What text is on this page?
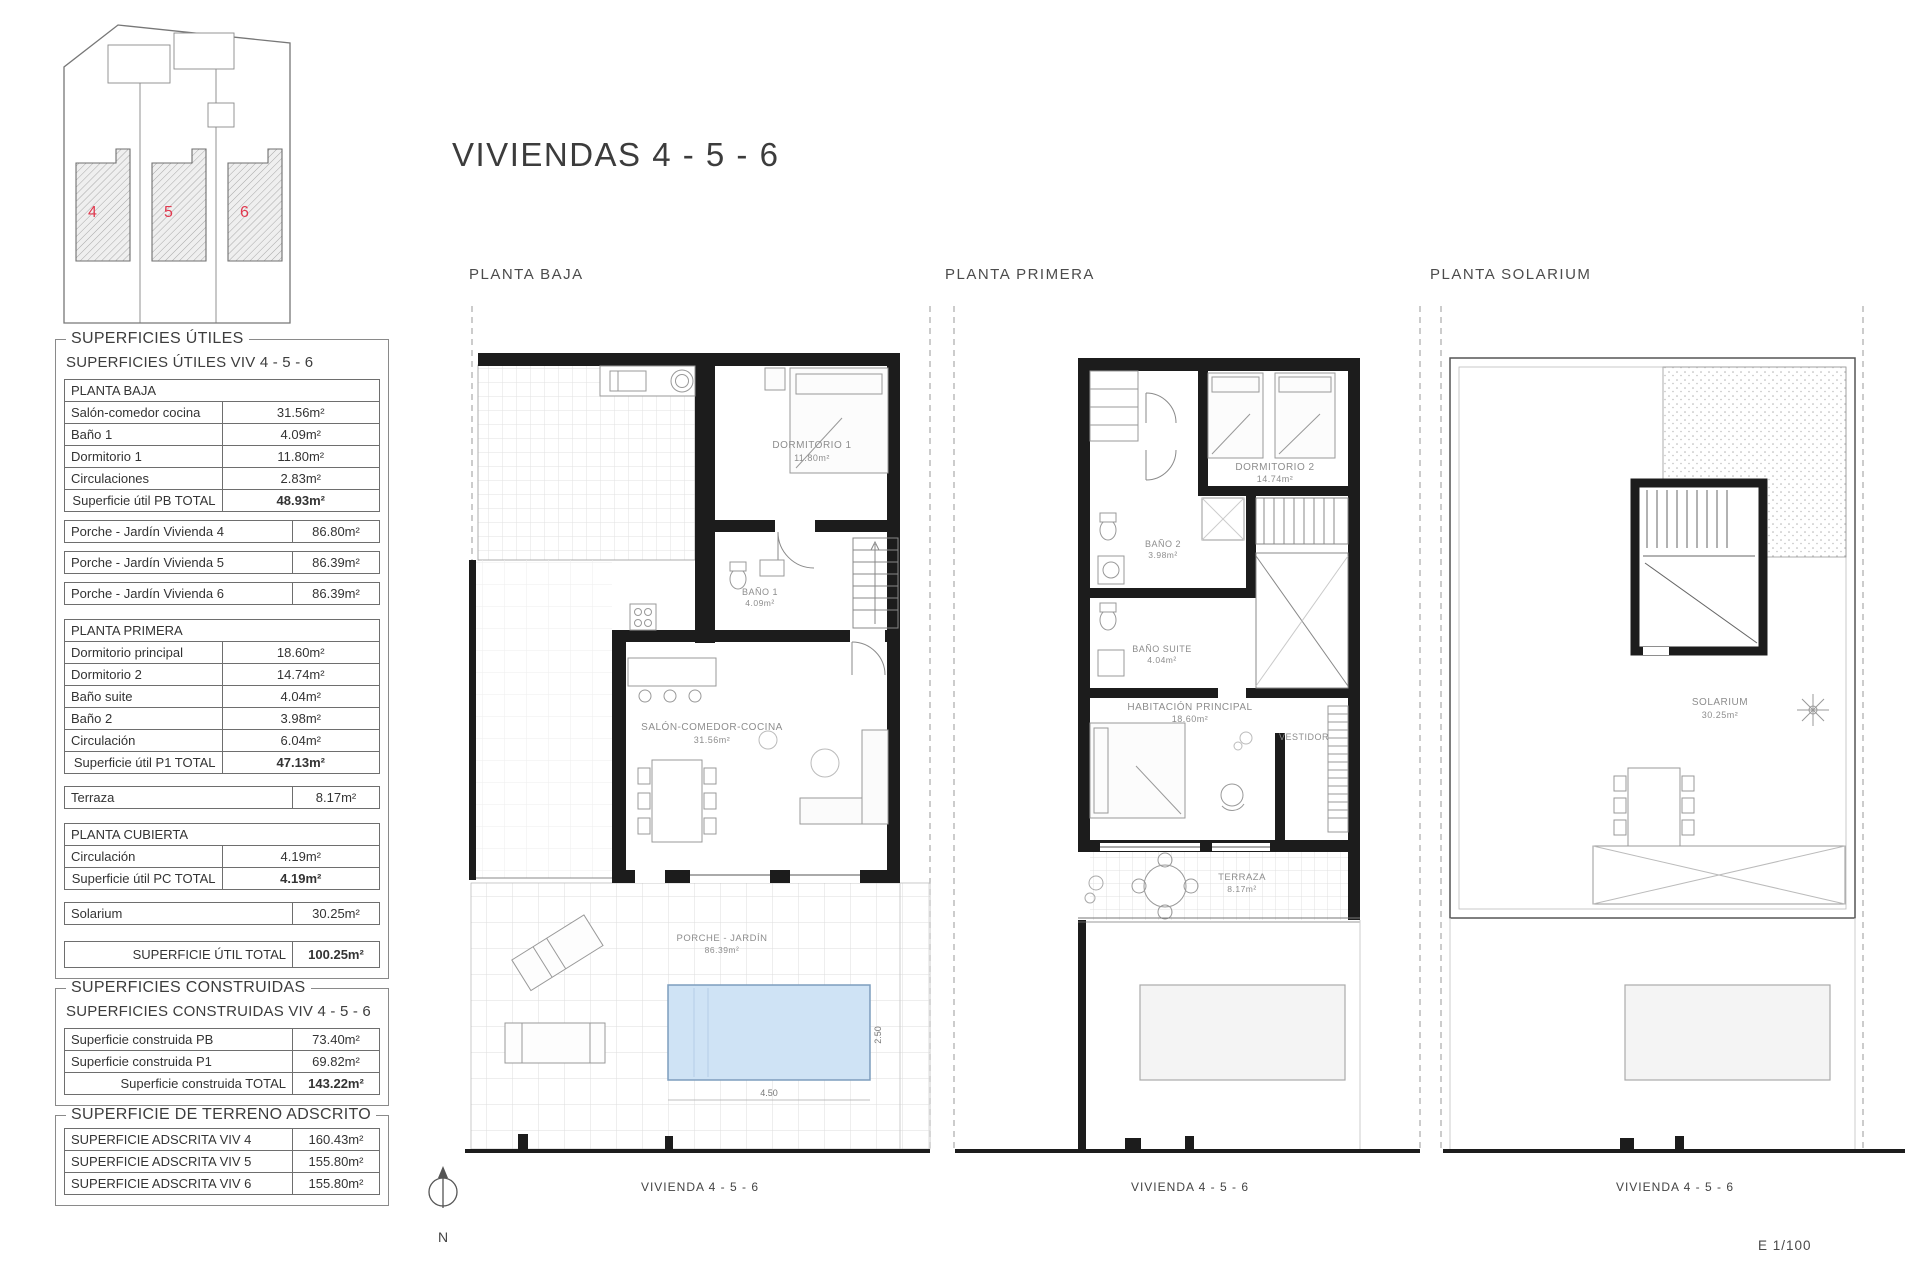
4	5	6
VIVIENDAS 4 - 5 - 6
SUPERFICIES ÚTILES
SUPERFICIES ÚTILES VIV 4 - 5 - 6
PLANTA BAJA	
Salón-comedor cocina	31.56m²
Baño 1	4.09m²
Dormitorio 1	11.80m²
Circulaciones	2.83m²
Superficie útil PB TOTAL	48.93m²
Porche - Jardín Vivienda 4	86.80m²
Porche - Jardín Vivienda 5	86.39m²
Porche - Jardín Vivienda 6	86.39m²
PLANTA PRIMERA	
Dormitorio principal	18.60m²
Dormitorio 2	14.74m²
Baño suite	4.04m²
Baño 2	3.98m²
Circulación	6.04m²
Superficie útil P1 TOTAL	47.13m²
Terraza	8.17m²
PLANTA CUBIERTA	
Circulación	4.19m²
Superficie útil PC TOTAL	4.19m²
Solarium	30.25m²
SUPERFICIE ÚTIL TOTAL	100.25m²
SUPERFICIES CONSTRUIDAS
SUPERFICIES CONSTRUIDAS VIV 4 - 5 - 6
Superficie construida PB	73.40m²
Superficie construida P1	69.82m²
Superficie construida TOTAL	143.22m²
SUPERFICIE DE TERRENO ADSCRITO
SUPERFICIE ADSCRITA VIV 4	160.43m²
SUPERFICIE ADSCRITA VIV 5	155.80m²
SUPERFICIE ADSCRITA VIV 6	155.80m²
PLANTA BAJA	PLANTA PRIMERA	PLANTA SOLARIUM
4.50
2.50
DORMITORIO 1
11.80m²
BAÑO 1
4.09m²
SALÓN-COMEDOR-COCINA
31.56m²
PORCHE - JARDÍN
86.39m²
DORMITORIO 2
14.74m²
BAÑO 2
3.98m²
BAÑO SUITE
4.04m²
HABITACIÓN PRINCIPAL
18.60m²
VESTIDOR
TERRAZA
8.17m²
SOLARIUM
30.25m²
VIVIENDA 4 - 5 - 6	VIVIENDA 4 - 5 - 6	VIVIENDA 4 - 5 - 6
N
E 1/100
